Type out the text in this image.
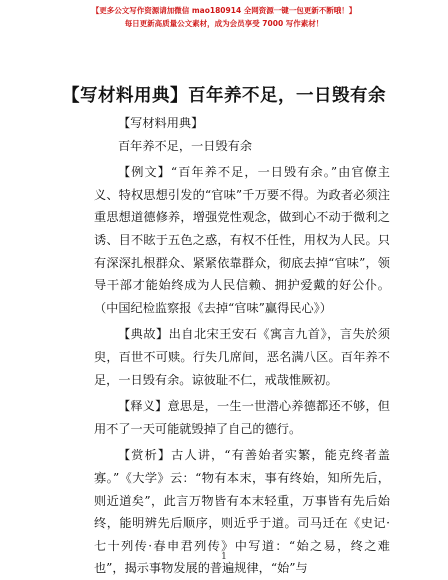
【更多公文写作资源请加微信 mao180914 全网资源一键一包更新不断哦！】
每日更新高质量公文素材，成为会员享受 7000 写作素材！
【写材料用典】百年养不足，一日毁有余

【写材料用典】

百年养不足，一日毁有余

【例文】“百年养不足，一日毁有余。”由官僚主义、特权思想引发的“官味”千万要不得。为政者必须注重思想道德修养，增强党性观念，做到心不动于微利之诱、目不眩于五色之惑，有权不任性，用权为人民。只有深深扎根群众、紧紧依靠群众，彻底去掉“官味”，领导干部才能始终成为人民信赖、拥护爱戴的好公仆。（中国纪检监察报《去掉“官味”赢得民心》）

【典故】出自北宋王安石《寓言九首》，言失於须臾，百世不可赎。行失几席间，恶名满八区。百年养不足，一日毁有余。谅彼耻不仁，戒哉惟厥初。

【释义】意思是，一生一世潜心养德都还不够，但用不了一天可能就毁掉了自己的德行。

【赏析】古人讲，“有善始者实繁，能克终者盖寡。”《大学》云：“物有本末，事有终始，知所先后，则近道矣”，此言万物皆有本末轻重，万事皆有先后始终，能明辨先后顺序，则近乎于道。司马迁在《史记·七十列传·春申君列传》中写道：“始之易，终之难也”，揭示事物发展的普遍规律，“始”与

1
